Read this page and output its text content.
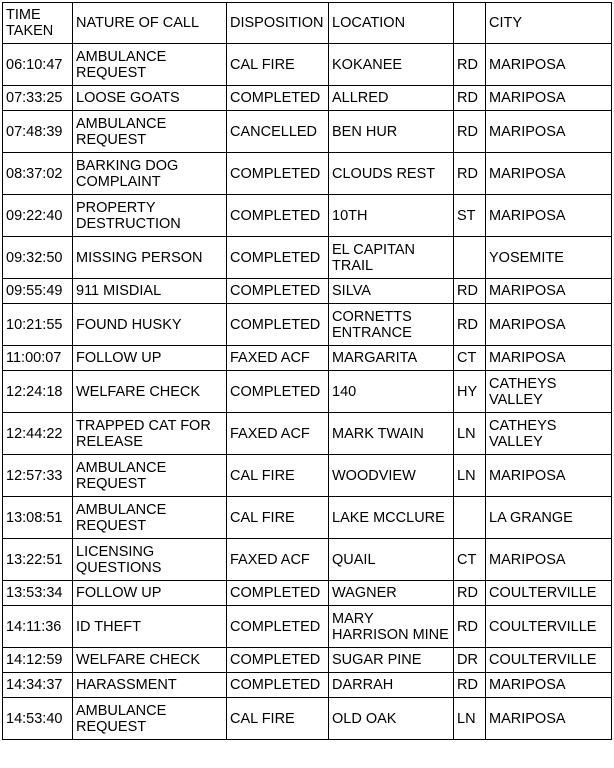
TIME
TAKEN	NATURE OF CALL	DISPOSITION	LOCATION		CITY
06:10:47	AMBULANCE
REQUEST	CAL FIRE	KOKANEE	RD	MARIPOSA
07:33:25	LOOSE GOATS	COMPLETED	ALLRED	RD	MARIPOSA
07:48:39	AMBULANCE
REQUEST	CANCELLED	BEN HUR	RD	MARIPOSA
08:37:02	BARKING DOG
COMPLAINT	COMPLETED	CLOUDS REST	RD	MARIPOSA
09:22:40	PROPERTY
DESTRUCTION	COMPLETED	10TH	ST	MARIPOSA
09:32:50	MISSING PERSON	COMPLETED	EL CAPITAN
TRAIL		YOSEMITE
09:55:49	911 MISDIAL	COMPLETED	SILVA	RD	MARIPOSA
10:21:55	FOUND HUSKY	COMPLETED	CORNETTS
ENTRANCE	RD	MARIPOSA
11:00:07	FOLLOW UP	FAXED ACF	MARGARITA	CT	MARIPOSA
12:24:18	WELFARE CHECK	COMPLETED	140	HY	CATHEYS
VALLEY
12:44:22	TRAPPED CAT FOR
RELEASE	FAXED ACF	MARK TWAIN	LN	CATHEYS
VALLEY
12:57:33	AMBULANCE
REQUEST	CAL FIRE	WOODVIEW	LN	MARIPOSA
13:08:51	AMBULANCE
REQUEST	CAL FIRE	LAKE MCCLURE		LA GRANGE
13:22:51	LICENSING
QUESTIONS	FAXED ACF	QUAIL	CT	MARIPOSA
13:53:34	FOLLOW UP	COMPLETED	WAGNER	RD	COULTERVILLE
14:11:36	ID THEFT	COMPLETED	MARY
HARRISON MINE	RD	COULTERVILLE
14:12:59	WELFARE CHECK	COMPLETED	SUGAR PINE	DR	COULTERVILLE
14:34:37	HARASSMENT	COMPLETED	DARRAH	RD	MARIPOSA
14:53:40	AMBULANCE
REQUEST	CAL FIRE	OLD OAK	LN	MARIPOSA
